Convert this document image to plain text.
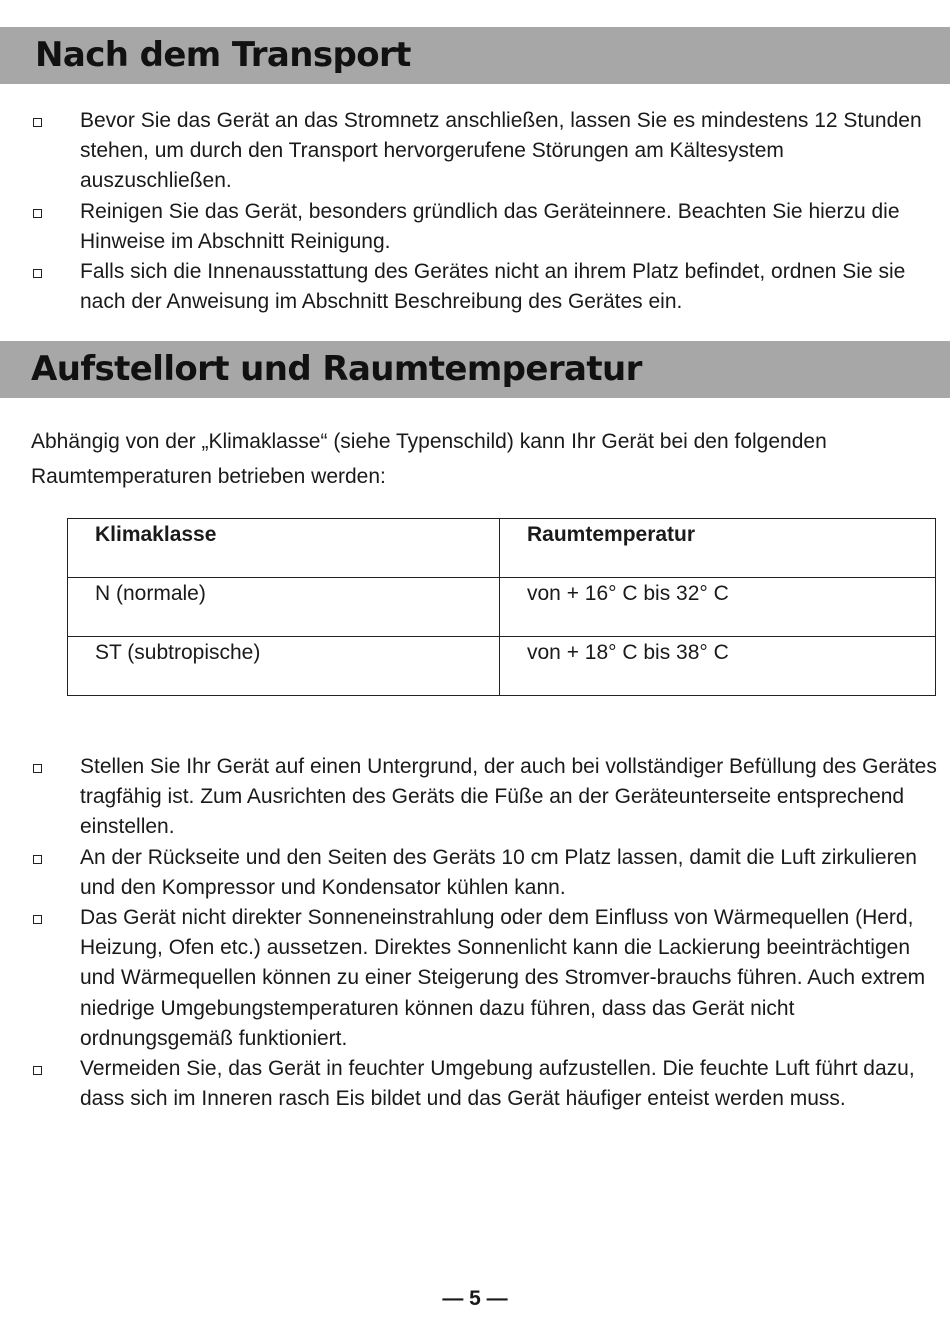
Nach dem Transport
Bevor Sie das Gerät an das Stromnetz anschließen, lassen Sie es mindestens 12 Stunden stehen, um durch den Transport hervorgerufene Störungen am Kältesystem auszuschließen.
Reinigen Sie das Gerät, besonders gründlich das Geräteinnere. Beachten Sie hierzu die Hinweise im Abschnitt Reinigung.
Falls sich die Innenausstattung des Gerätes nicht an ihrem Platz befindet, ordnen Sie sie nach der Anweisung im Abschnitt Beschreibung des Gerätes ein.
Aufstellort und Raumtemperatur

Abhängig von der „Klimaklasse“ (siehe Typenschild) kann Ihr Gerät bei den folgenden Raumtemperaturen betrieben werden:

Klimaklasse	Raumtemperatur
N (normale)	von + 16° C bis 32° C
ST (subtropische)	von + 18° C bis 38° C
Stellen Sie Ihr Gerät auf einen Untergrund, der auch bei vollständiger Befüllung des Gerätes tragfähig ist. Zum Ausrichten des Geräts die Füße an der Geräteunterseite entsprechend einstellen.
An der Rückseite und den Seiten des Geräts 10 cm Platz lassen, damit die Luft zirkulieren und den Kompressor und Kondensator kühlen kann.
Das Gerät nicht direkter Sonneneinstrahlung oder dem Einfluss von Wärmequellen (Herd, Heizung, Ofen etc.) aussetzen. Direktes Sonnenlicht kann die Lackierung beeinträchtigen und Wärmequellen können zu einer Steigerung des Stromver-brauchs führen. Auch extrem niedrige Umgebungstemperaturen können dazu führen, dass das Gerät nicht ordnungsgemäß funktioniert.
Vermeiden Sie, das Gerät in feuchter Umgebung aufzustellen. Die feuchte Luft führt dazu, dass sich im Inneren rasch Eis bildet und das Gerät häufiger enteist werden muss.
— 5 —
